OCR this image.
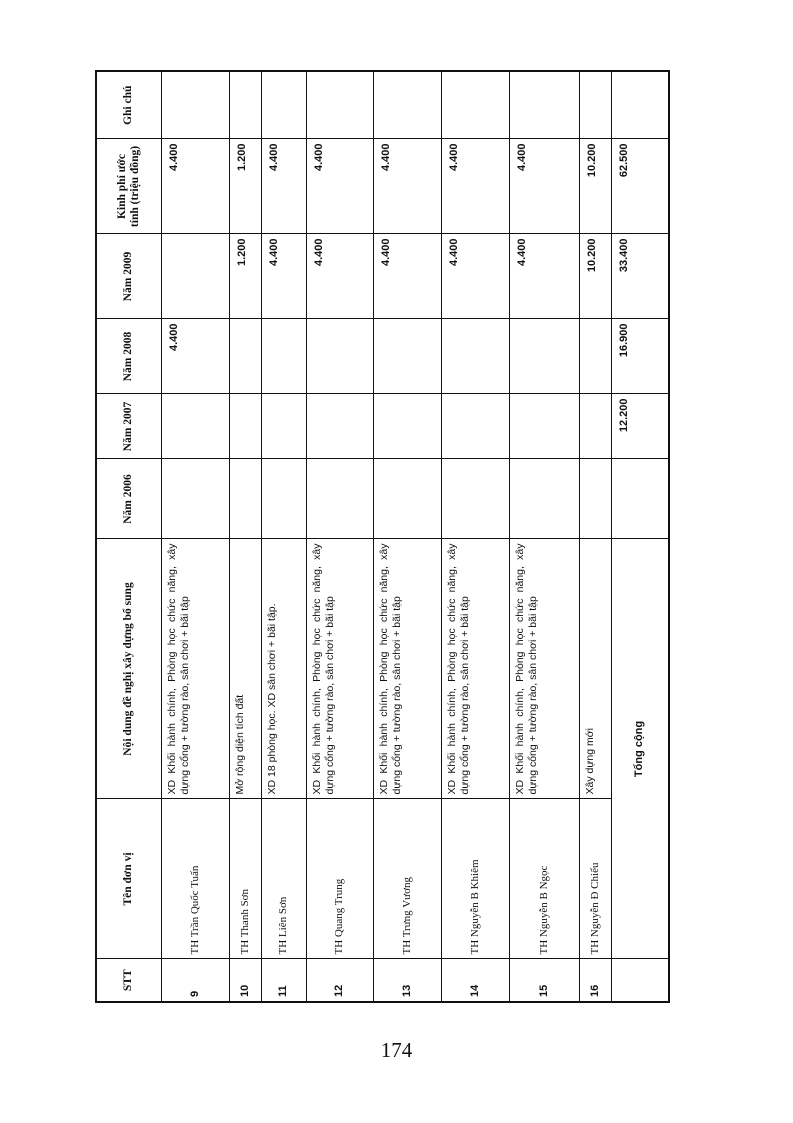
STT	Tên đơn vị	Nội dung đề nghị xây dựng bổ sung	Năm 2006	Năm 2007	Năm 2008	Năm 2009	Kinh phí ước tính (triệu đồng)	Ghi chú
9	TH Trần Quốc Tuấn	XD Khối hành chính, Phòng học chức năng, xây dựng cổng + tường rào, sân chơi + bãi tập			4.400		4.400	
10	TH Thanh Sơn	Mở rộng diện tích đất				1.200	1.200	
11	TH Liên Sơn	XD 18 phòng học. XD sân chơi + bãi tập.				4.400	4.400	
12	TH Quang Trung	XD Khối hành chính, Phòng học chức năng, xây dựng cổng + tường rào, sân chơi + bãi tập				4.400	4.400	
13	TH Trưng Vương	XD Khối hành chính, Phòng học chức năng, xây dựng cổng + tường rào, sân chơi + bãi tập				4.400	4.400	
14	TH Nguyễn B Khiêm	XD Khối hành chính, Phòng học chức năng, xây dựng cổng + tường rào, sân chơi + bãi tập				4.400	4.400	
15	TH Nguyễn B Ngọc	XD Khối hành chính, Phòng học chức năng, xây dựng cổng + tường rào, sân chơi + bãi tập				4.400	4.400	
16	TH Nguyễn Đ Chiểu	Xây dựng mới				10.200	10.200	
	Tổng cộng			12.200	16.900	33.400	62.500	
174
